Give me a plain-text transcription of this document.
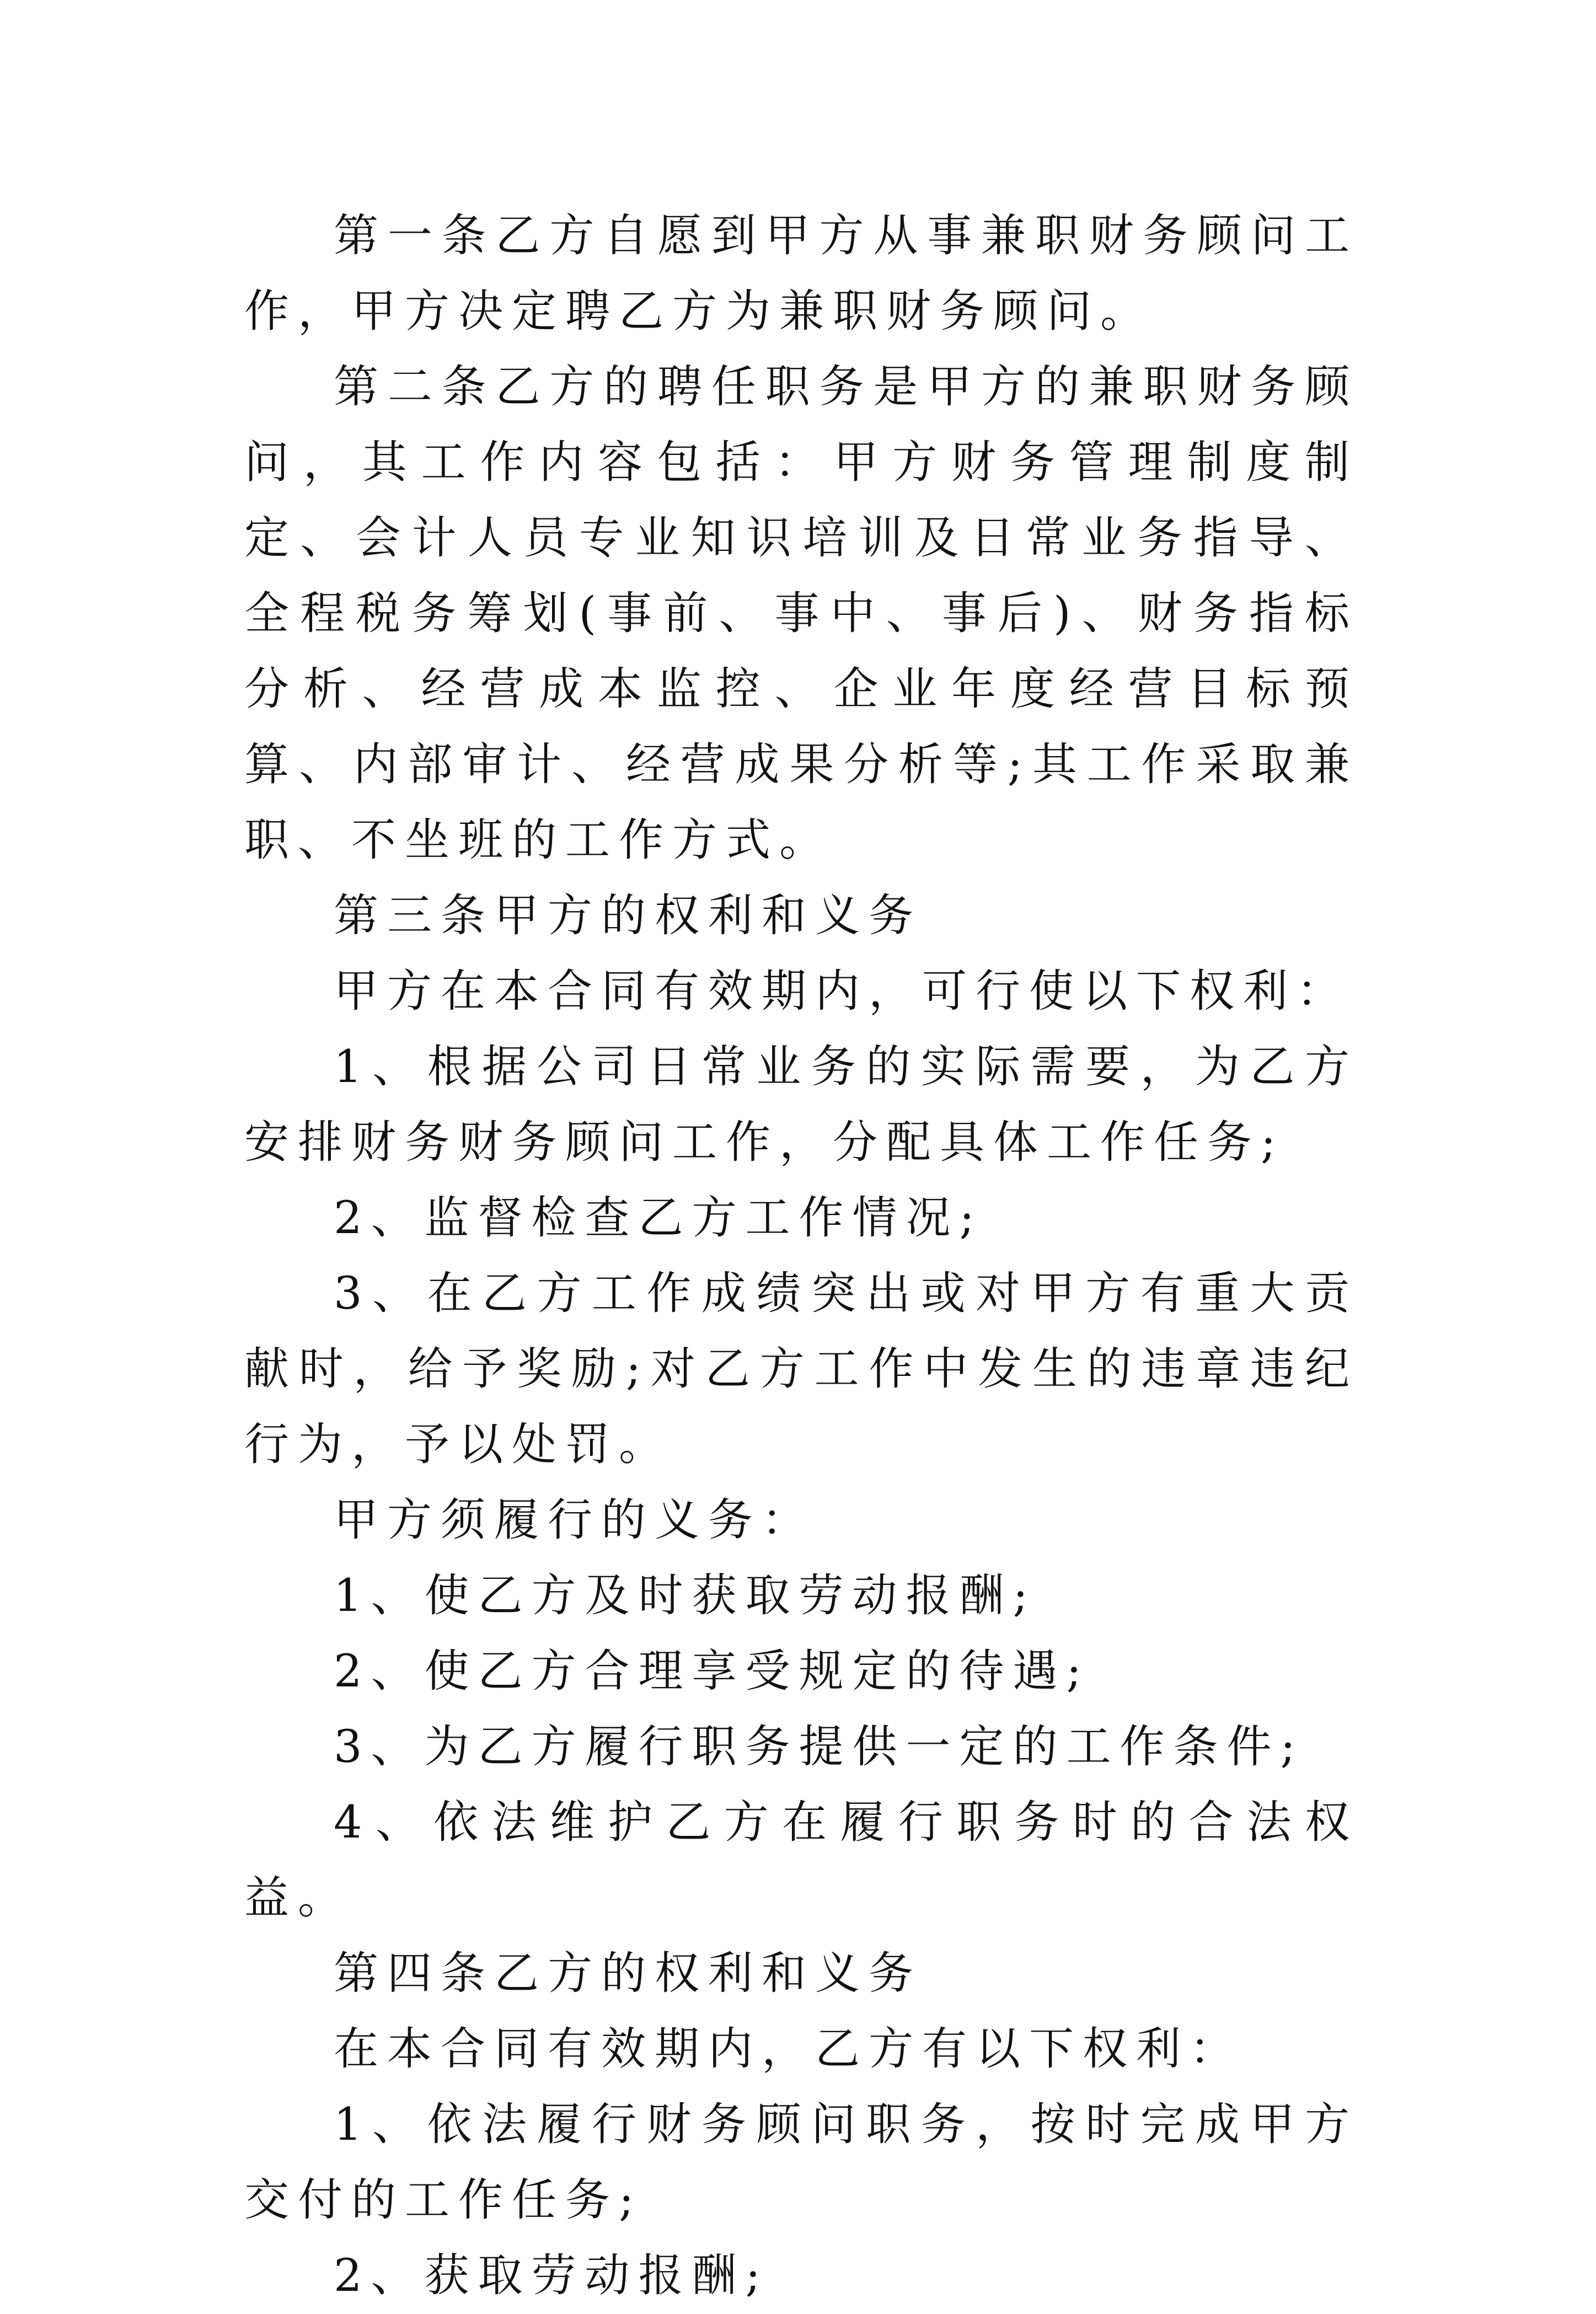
第一条乙方自愿到甲方从事兼职财务顾问工作，甲方决定聘乙方为兼职财务顾问。

第二条乙方的聘任职务是甲方的兼职财务顾问，其工作内容包括：甲方财务管理制度制定、会计人员专业知识培训及日常业务指导、全程税务筹划(事前、事中、事后)、财务指标分析、经营成本监控、企业年度经营目标预算、内部审计、经营成果分析等;其工作采取兼职、不坐班的工作方式。

第三条甲方的权利和义务

甲方在本合同有效期内，可行使以下权利：

1、根据公司日常业务的实际需要，为乙方安排财务财务顾问工作，分配具体工作任务;

2、监督检查乙方工作情况;

3、在乙方工作成绩突出或对甲方有重大贡献时，给予奖励;对乙方工作中发生的违章违纪行为，予以处罚。

甲方须履行的义务：

1、使乙方及时获取劳动报酬;

2、使乙方合理享受规定的待遇;

3、为乙方履行职务提供一定的工作条件;

4、依法维护乙方在履行职务时的合法权益。

第四条乙方的权利和义务

在本合同有效期内，乙方有以下权利：

1、依法履行财务顾问职务，按时完成甲方交付的工作任务;

2、获取劳动报酬;
